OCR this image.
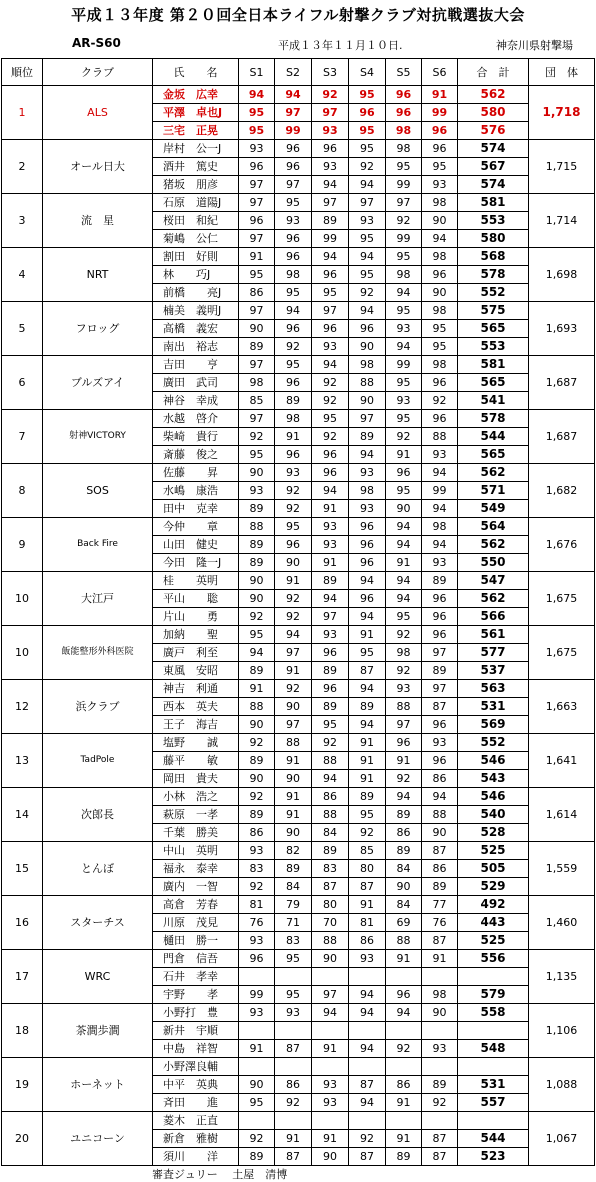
平成１３年度 第２０回全日本ライフル射撃クラブ対抗戦選抜大会
AR-S60	平成１３年１１月１０日.	神奈川県射撃場
順位	クラブ	氏　　名	S1	S2	S3	S4	S5	S6	合　計	団　体
1	ALS	金坂　広幸	94	94	92	95	96	91	562	1,718
		平澤　卓也J	95	97	97	96	96	99	580	
		三宅　正晃	95	99	93	95	98	96	576	
2	オール日大	岸村　公一J	93	96	96	95	98	96	574	1,715
		酒井　篤史	96	96	93	92	95	95	567	
		猪坂　朋彦	97	97	94	94	99	93	574	
3	流　星	石原　道陽J	97	95	97	97	97	98	581	1,714
		桜田　和紀	96	93	89	93	92	90	553	
		菊嶋　公仁	97	96	99	95	99	94	580	
4	NRT	割田　好則	91	96	94	94	95	98	568	1,698
		林　　巧J	95	98	96	95	98	96	578	
		前橋　　亮J	86	95	95	92	94	90	552	
5	フロッグ	楠美　義明J	97	94	97	94	95	98	575	1,693
		高橋　義宏	90	96	96	96	93	95	565	
		南出　裕志	89	92	93	90	94	95	553	
6	ブルズアイ	吉田　　亨	97	95	94	98	99	98	581	1,687
		廣田　武司	98	96	92	88	95	96	565	
		神谷　幸成	85	89	92	90	93	92	541	
7	射神VICTORY	水越　啓介	97	98	95	97	95	96	578	1,687
		柴崎　貴行	92	91	92	89	92	88	544	
		斎藤　俊之	95	96	96	94	91	93	565	
8	SOS	佐藤　　昇	90	93	96	93	96	94	562	1,682
		水嶋　康浩	93	92	94	98	95	99	571	
		田中　克幸	89	92	91	93	90	94	549	
9	Back Fire	今仲　　章	88	95	93	96	94	98	564	1,676
		山田　健史	89	96	93	96	94	94	562	
		今田　隆一J	89	90	91	96	91	93	550	
10	大江戸	桂　　英明	90	91	89	94	94	89	547	1,675
		平山　　聡	90	92	94	96	94	96	562	
		片山　　勇	92	92	97	94	95	96	566	
10	飯能整形外科医院	加納　　聖	95	94	93	91	92	96	561	1,675
		廣戸　利至	94	97	96	95	98	97	577	
		東風　安昭	89	91	89	87	92	89	537	
12	浜クラブ	神吉　利通	91	92	96	94	93	97	563	1,663
		西本　英夫	88	90	89	89	88	87	531	
		王子　海吉	90	97	95	94	97	96	569	
13	TadPole	塩野　　誠	92	88	92	91	96	93	552	1,641
		藤平　　敏	89	91	88	91	91	96	546	
		岡田　貴夫	90	90	94	91	92	86	543	
14	次郎長	小林　浩之	92	91	86	89	94	94	546	1,614
		萩原　一孝	89	91	88	95	89	88	540	
		千葉　勝美	86	90	84	92	86	90	528	
15	とんぼ	中山　英明	93	82	89	85	89	87	525	1,559
		福永　泰幸	83	89	83	80	84	86	505	
		廣内　一智	92	84	87	87	90	89	529	
16	スターチス	高倉　芳春	81	79	80	91	84	77	492	1,460
		川原　茂見	76	71	70	81	69	76	443	
		樋田　勝一	93	83	88	86	88	87	525	
17	WRC	門倉　信吾	96	95	90	93	91	91	556	1,135
		石井　孝幸								
		宇野　　孝	99	95	97	94	96	98	579	
18	茶澗歩澗	小野打　豊	93	93	94	94	94	90	558	1,106
		新井　宇順								
		中島　祥智	91	87	91	94	92	93	548	
19	ホーネット	小野澤良輔								1,088
		中平　英典	90	86	93	87	86	89	531	
		斉田　　進	95	92	93	94	91	92	557	
20	ユニコーン	菱木　正直								1,067
		新倉　雅樹	92	91	91	92	91	87	544	
		須川　　洋	89	87	90	87	89	87	523	
審査ジュリー　 土屋　清博
